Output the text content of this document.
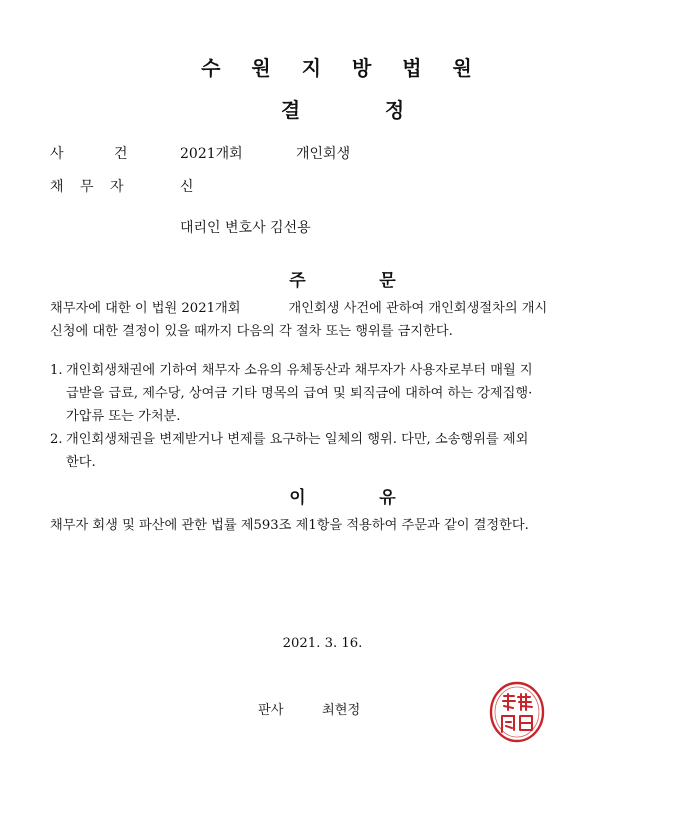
수 원 지 방 법 원
결	정
사	건	2021개회	개인회생
채 무 자	신
대리인 변호사 김선용
주	문
채무자에 대한 이 법원 2021개회	개인회생 사건에 관하여 개인회생절차의 개시
신청에 대한 결정이 있을 때까지 다음의 각 절차 또는 행위를 금지한다.
1. 개인회생채권에 기하여 채무자 소유의 유체동산과 채무자가 사용자로부터 매월 지
급받을 급료, 제수당, 상여금 기타 명목의 급여 및 퇴직금에 대하여 하는 강제집행·
가압류 또는 가처분.
2. 개인회생채권을 변제받거나 변제를 요구하는 일체의 행위. 다만, 소송행위를 제외
한다.
이	유
채무자 회생 및 파산에 관한 법률 제593조 제1항을 적용하여 주문과 같이 결정한다.
2021. 3. 16.
판사	최현정
